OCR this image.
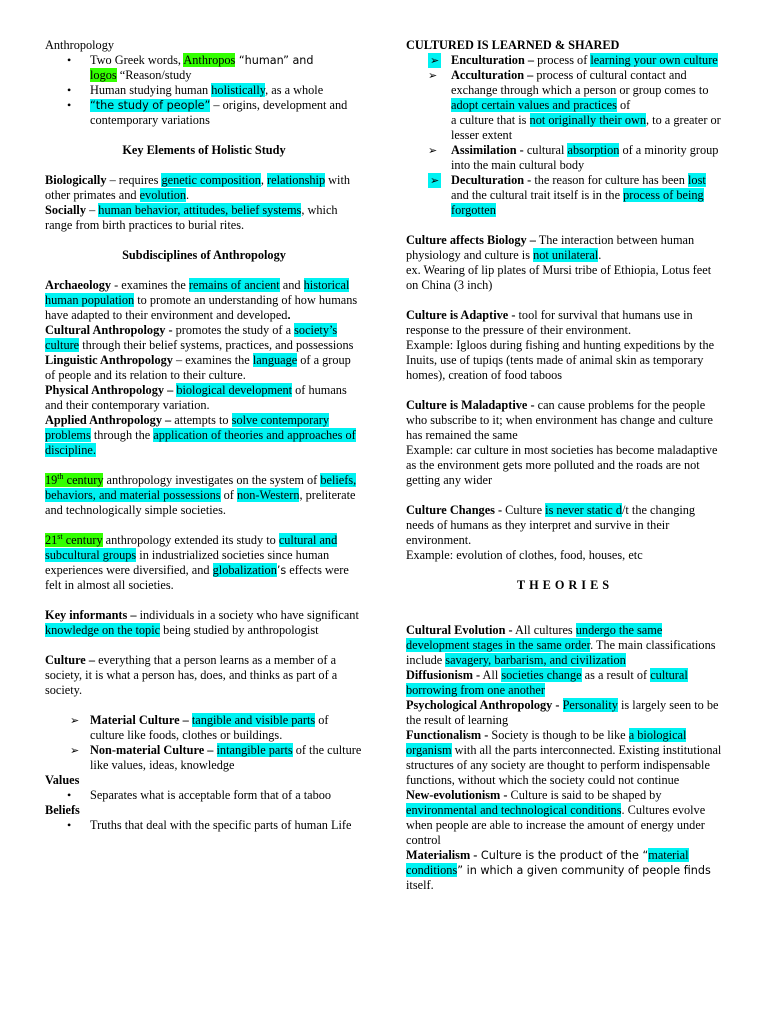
Anthropology

• Two Greek words, Anthropos “human” and
logos “Reason/study
• Human studying human holistically, as a whole
• “the study of people” – origins, development and contemporary variations

Key Elements of Holistic Study

Biologically – requires genetic composition, relationship with other primates and evolution.

Socially – human behavior, attitudes, belief systems, which range from birth practices to burial rites.

Subdisciplines of Anthropology

Archaeology - examines the remains of ancient and historical human population to promote an understanding of how humans have adapted to their environment and developed.

Cultural Anthropology - promotes the study of a society’s culture through their belief systems, practices, and possessions

Linguistic Anthropology – examines the language of a group of people and its relation to their culture.

Physical Anthropology – biological development of humans and their contemporary variation.

Applied Anthropology – attempts to solve contemporary problems through the application of theories and approaches of discipline.

19th century anthropology investigates on the system of beliefs, behaviors, and material possessions of non-Western, preliterate and technologically simple societies.

21st century anthropology extended its study to cultural and subcultural groups in industrialized societies since human experiences were diversified, and globalization’s effects were felt in almost all societies.

Key informants – individuals in a society who have significant knowledge on the topic being studied by anthropologist

Culture – everything that a person learns as a member of a society, it is what a person has, does, and thinks as part of a society.

➢ Material Culture – tangible and visible parts of culture like foods, clothes or buildings.
➢ Non-material Culture – intangible parts of the culture like values, ideas, knowledge

Values

• Separates what is acceptable form that of a taboo

Beliefs

• Truths that deal with the specific parts of human Life

CULTURED IS LEARNED & SHARED

➢ Enculturation – process of learning your own culture
➢ Acculturation – process of cultural contact and exchange through which a person or group comes to adopt certain values and practices of
a culture that is not originally their own, to a greater or lesser extent
➢ Assimilation - cultural absorption of a minority group into the main cultural body
➢ Deculturation - the reason for culture has been lost and the cultural trait itself is in the process of being forgotten

Culture affects Biology – The interaction between human physiology and culture is not unilateral.

ex. Wearing of lip plates of Mursi tribe of Ethiopia, Lotus feet on China (3 inch)

Culture is Adaptive - tool for survival that humans use in response to the pressure of their environment.

Example: Igloos during fishing and hunting expeditions by the Inuits, use of tupiqs (tents made of animal skin as temporary homes), creation of food taboos

Culture is Maladaptive - can cause problems for the people who subscribe to it; when environment has change and culture has remained the same

Example: car culture in most societies has become maladaptive as the environment gets more polluted and the roads are not getting any wider

Culture Changes - Culture is never static d/t the changing needs of humans as they interpret and survive in their environment.

Example: evolution of clothes, food, houses, etc

THEORIES

Cultural Evolution - All cultures undergo the same development stages in the same order. The main classifications include savagery, barbarism, and civilization

Diffusionism - All societies change as a result of cultural borrowing from one another

Psychological Anthropology - Personality is largely seen to be the result of learning

Functionalism - Society is though to be like a biological organism with all the parts interconnected. Existing institutional structures of any society are thought to perform indispensable functions, without which the society could not continue

New-evolutionism - Culture is said to be shaped by environmental and technological conditions. Cultures evolve when people are able to increase the amount of energy under control

Materialism - Culture is the product of the “material conditions” in which a given community of people finds itself.
